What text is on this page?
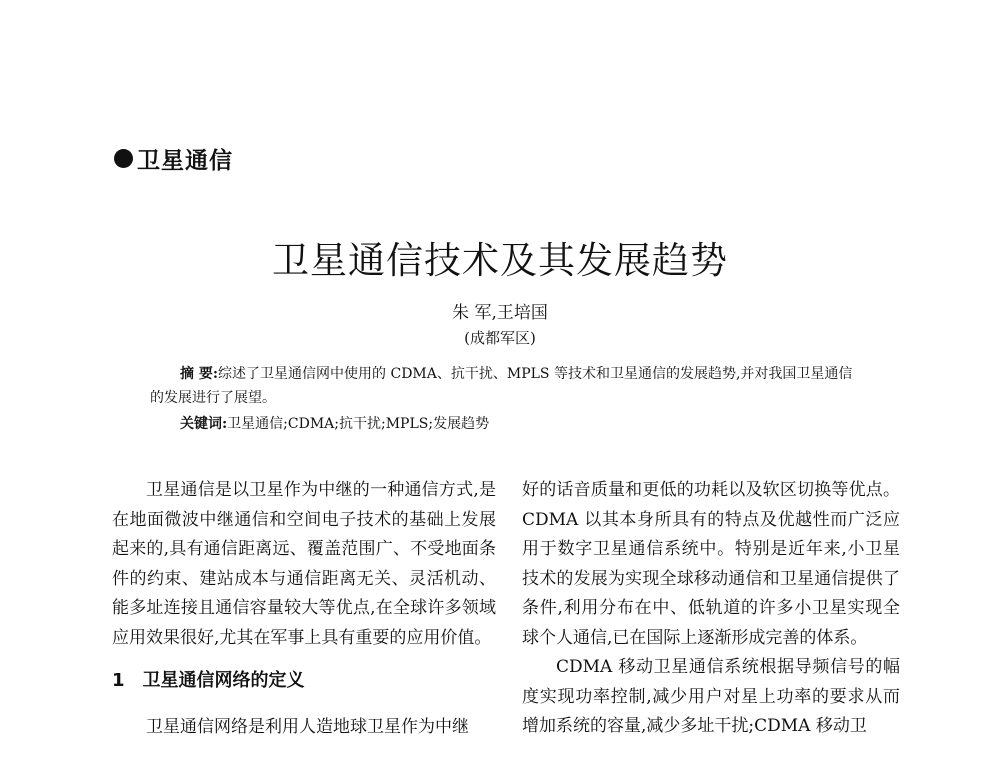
卫星通信
卫星通信技术及其发展趋势
朱 军,王培国
(成都军区)
摘 要:综述了卫星通信网中使用的 CDMA、抗干扰、MPLS 等技术和卫星通信的发展趋势,并对我国卫星通信的发展进行了展望。
关键词:卫星通信;CDMA;抗干扰;MPLS;发展趋势

卫星通信是以卫星作为中继的一种通信方式,是在地面微波中继通信和空间电子技术的基础上发展起来的,具有通信距离远、覆盖范围广、不受地面条件的约束、建站成本与通信距离无关、灵活机动、能多址连接且通信容量较大等优点,在全球许多领域应用效果很好,尤其在军事上具有重要的应用价值。

1 卫星通信网络的定义

卫星通信网络是利用人造地球卫星作为中继

好的话音质量和更低的功耗以及软区切换等优点。CDMA 以其本身所具有的特点及优越性而广泛应用于数字卫星通信系统中。特别是近年来,小卫星技术的发展为实现全球移动通信和卫星通信提供了条件,利用分布在中、低轨道的许多小卫星实现全球个人通信,已在国际上逐渐形成完善的体系。

CDMA 移动卫星通信系统根据导频信号的幅度实现功率控制,减少用户对星上功率的要求从而增加系统的容量,减少多址干扰;CDMA 移动卫
